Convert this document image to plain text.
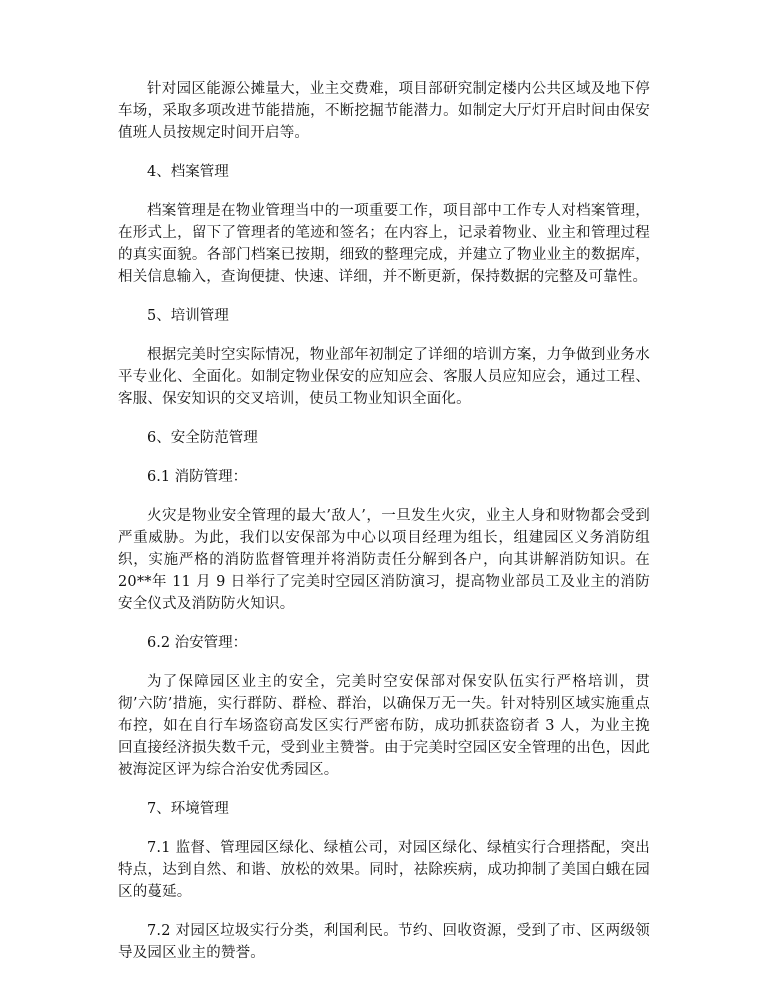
针对园区能源公摊量大，业主交费难，项目部研究制定楼内公共区域及地下停车场，采取多项改进节能措施，不断挖掘节能潜力。如制定大厅灯开启时间由保安值班人员按规定时间开启等。

4、档案管理

档案管理是在物业管理当中的一项重要工作，项目部中工作专人对档案管理，在形式上，留下了管理者的笔迹和签名；在内容上，记录着物业、业主和管理过程的真实面貌。各部门档案已按期，细致的整理完成，并建立了物业业主的数据库，相关信息输入，查询便捷、快速、详细，并不断更新，保持数据的完整及可靠性。

5、培训管理

根据完美时空实际情况，物业部年初制定了详细的培训方案，力争做到业务水平专业化、全面化。如制定物业保安的应知应会、客服人员应知应会，通过工程、客服、保安知识的交叉培训，使员工物业知识全面化。

6、安全防范管理

6.1 消防管理：

火灾是物业安全管理的最大’敌人’，一旦发生火灾，业主人身和财物都会受到严重威胁。为此，我们以安保部为中心以项目经理为组长，组建园区义务消防组织，实施严格的消防监督管理并将消防责任分解到各户，向其讲解消防知识。在 20**年 11 月 9 日举行了完美时空园区消防演习，提高物业部员工及业主的消防安全仪式及消防防火知识。

6.2 治安管理：

为了保障园区业主的安全，完美时空安保部对保安队伍实行严格培训，贯彻’六防’措施，实行群防、群检、群治，以确保万无一失。针对特别区域实施重点布控，如在自行车场盗窃高发区实行严密布防，成功抓获盗窃者 3 人，为业主挽回直接经济损失数千元，受到业主赞誉。由于完美时空园区安全管理的出色，因此被海淀区评为综合治安优秀园区。

7、环境管理

7.1 监督、管理园区绿化、绿植公司，对园区绿化、绿植实行合理搭配，突出特点，达到自然、和谐、放松的效果。同时，祛除疾病，成功抑制了美国白蛾在园区的蔓延。

7.2 对园区垃圾实行分类，利国利民。节约、回收资源，受到了市、区两级领导及园区业主的赞誉。
